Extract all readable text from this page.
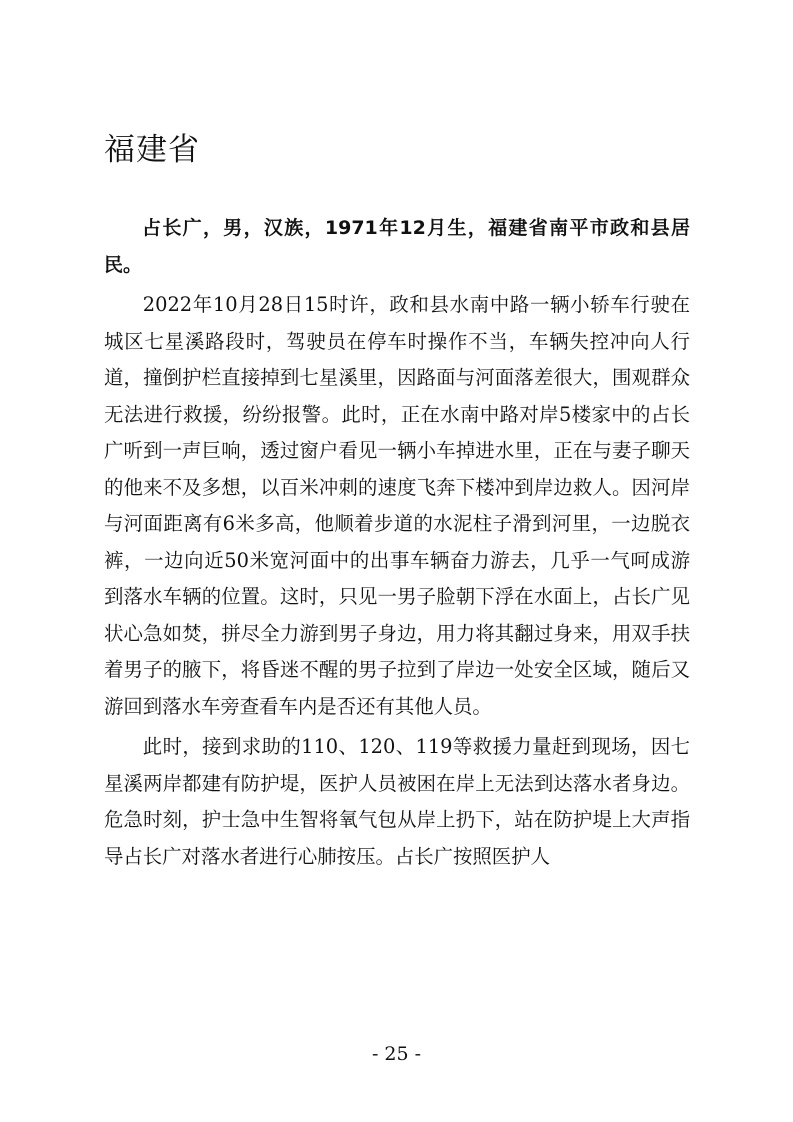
福建省

占长广，男，汉族，1971年12月生，福建省南平市政和县居民。

2022年10月28日15时许，政和县水南中路一辆小轿车行驶在城区七星溪路段时，驾驶员在停车时操作不当，车辆失控冲向人行道，撞倒护栏直接掉到七星溪里，因路面与河面落差很大，围观群众无法进行救援，纷纷报警。此时，正在水南中路对岸5楼家中的占长广听到一声巨响，透过窗户看见一辆小车掉进水里，正在与妻子聊天的他来不及多想，以百米冲刺的速度飞奔下楼冲到岸边救人。因河岸与河面距离有6米多高，他顺着步道的水泥柱子滑到河里，一边脱衣裤，一边向近50米宽河面中的出事车辆奋力游去，几乎一气呵成游到落水车辆的位置。这时，只见一男子脸朝下浮在水面上，占长广见状心急如焚，拼尽全力游到男子身边，用力将其翻过身来，用双手扶着男子的腋下，将昏迷不醒的男子拉到了岸边一处安全区域，随后又游回到落水车旁查看车内是否还有其他人员。

此时，接到求助的110、120、119等救援力量赶到现场，因七星溪两岸都建有防护堤，医护人员被困在岸上无法到达落水者身边。危急时刻，护士急中生智将氧气包从岸上扔下，站在防护堤上大声指导占长广对落水者进行心肺按压。占长广按照医护人

- 25 -
